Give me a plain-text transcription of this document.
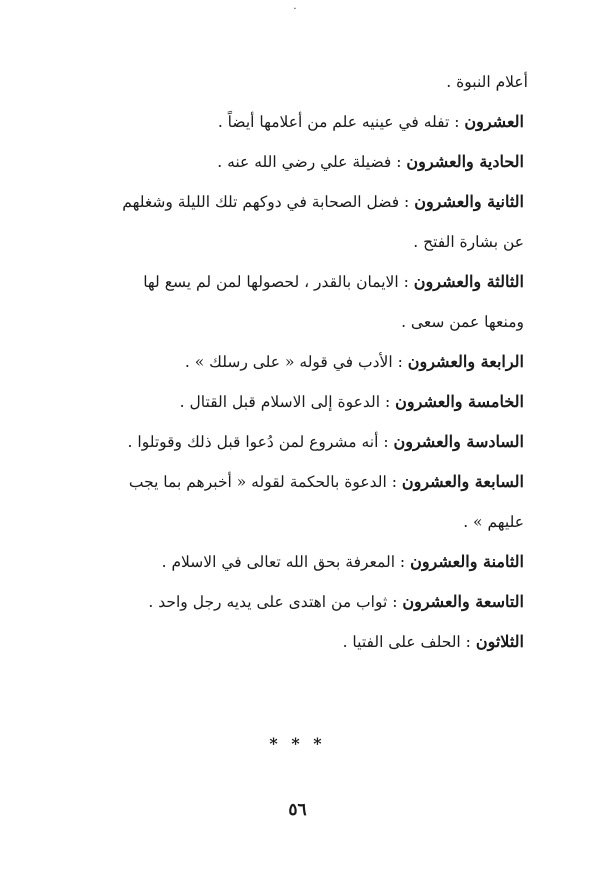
·

أعلام النبوة .

العشرون : تفله في عينيه علم من أعلامها أيضاً .

الحادية والعشرون : فضيلة علي رضي الله عنه .

الثانية والعشرون : فضل الصحابة في دوكهم تلك الليلة وشغلهم عن بشارة الفتح .

الثالثة والعشرون : الايمان بالقدر ، لحصولها لمن لم يسع لها ومنعها عمن سعى .

الرابعة والعشرون : الأدب في قوله « على رسلك » .

الخامسة والعشرون : الدعوة إلى الاسلام قبل القتال .

السادسة والعشرون : أنه مشروع لمن دُعوا قبل ذلك وقوتلوا .

السابعة والعشرون : الدعوة بالحكمة لقوله « أخبرهم بما يجب عليهم » .

الثامنة والعشرون : المعرفة بحق الله تعالى في الاسلام .

التاسعة والعشرون : ثواب من اهتدى على يديه رجل واحد .

الثلاثون : الحلف على الفتيا .

* * *
٥٦
